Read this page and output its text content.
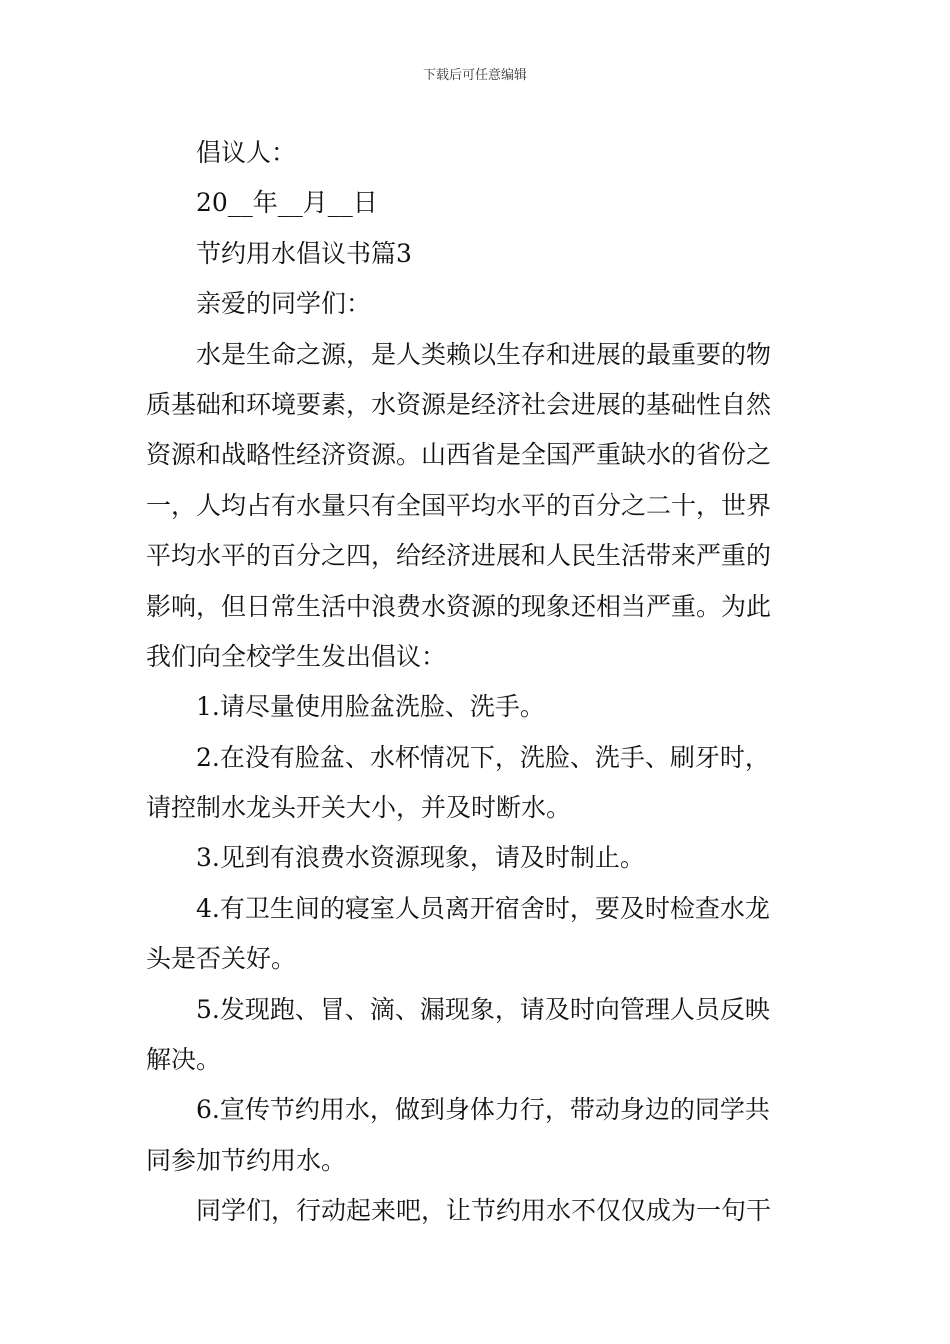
下载后可任意编辑
倡议人：
20__年__月__日
节约用水倡议书篇3
亲爱的同学们：
水是生命之源，是人类赖以生存和进展的最重要的物
质基础和环境要素，水资源是经济社会进展的基础性自然
资源和战略性经济资源。山西省是全国严重缺水的省份之
一，人均占有水量只有全国平均水平的百分之二十，世界
平均水平的百分之四，给经济进展和人民生活带来严重的
影响，但日常生活中浪费水资源的现象还相当严重。为此
我们向全校学生发出倡议：
1.请尽量使用脸盆洗脸、洗手。
2.在没有脸盆、水杯情况下，洗脸、洗手、刷牙时，
请控制水龙头开关大小，并及时断水。
3.见到有浪费水资源现象，请及时制止。
4.有卫生间的寝室人员离开宿舍时，要及时检查水龙
头是否关好。
5.发现跑、冒、滴、漏现象，请及时向管理人员反映
解决。
6.宣传节约用水，做到身体力行，带动身边的同学共
同参加节约用水。
同学们，行动起来吧，让节约用水不仅仅成为一句干
